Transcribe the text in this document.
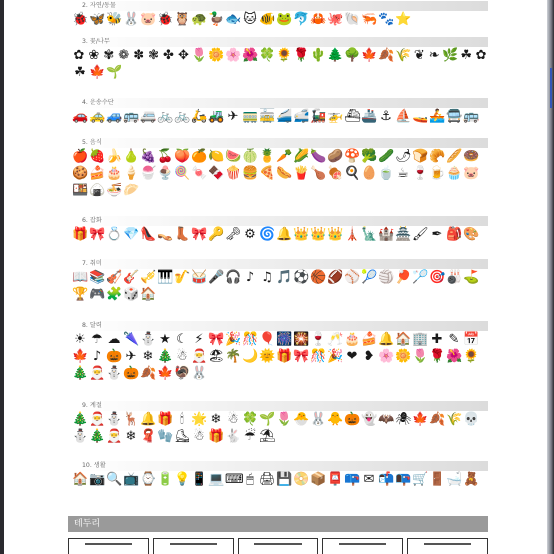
2. 자연/동물
🐞 🦋 🐝 🐰 🐷 🐞 🦉 🐢 🦆 🐟 🐱 🐠 🐸 🐬 🦀 🐙 🐚 🦐 🐾 ⭐
3. 꽃/나무
✿ ❀ ✾ ❁ ✽ ❃ ✤ ✥ 🌷 🌼 🌸 🌺 🍀 🌻 🌹 🌵 🌲 🌳 🍁 🍂 🌾 ❦ ❧ 🌿 ☘ ✿
☘ 🍁 🌱
4. 운송수단
🚗 🚕 🚙 🚌 🚐 🚲 🚲 🛵 🚜 ✈ 🚃 🚋 🚄 🚅 🚂 🚁 ⛴ 🚢 ⚓ ⛵ 🚤 🚣 🚍 🚌
5. 음식
🍎 🍓 🍌 🍐 🍇 🍒 🍑 🍊 🍋 🍉 🍈 🍍 🥕 🌽 🍆 🥔 🍄 🥦 🥒 🌶 🍞 🥐 🥖 🍩
🍪 🍰 🎂 🍦 🍧 🍨 🍭 🍬 🍫 🍿 🍔 🍕 🌭 🍟 🍗 🍖 🍳 🥚 🍵 ☕ 🍷 🍺 🧁 🐷
🍱 🍙 🍜 🥟
6. 잡화
🎁 🎀 💍 💎 👠 👡 👢 🎀 🔑 🗝 ⚙ 🌀 🔔 👑 👑 👑 🗼 🗽 🏰 🏯 🖌 ✒ 🎒 🎨
7. 취미
📖 📚 🎻 🎸 🎺 🎹 🎷 🥁 🎤 🎧 ♪ ♫ 🎵 ⚽ 🏀 🏈 ⚾ 🎾 🏐 🏓 🏸 🎯 🎳 ⛳
🏆 🎮 🧩 🎲 🏠
8. 달력
☀ ☂ ☁ 🌂 ⛄ ★ ☾ ⚡ 🎀 🎉 🎊 🎈 🎆 🎇 🍷 🥂 🎂 🍰 🔔 🏠 🏢 ✚ ✎ 📅
🍁 ♪ 🎃 ✈ ❄ 🎄 ☃ 🎅 🏖 🌴 🌙 🌞 🎁 🎀 🎊 🎉 ❤ ❥ 🌸 🌼 🌷 🌹 🌺 🌻
🎄 🎅 ⛄ 🎃 🍂 🍁 🦃 🐰
9. 계절
🎄 🎅 ⛄ 🦌 🔔 🎁 🕯 🌟 ❄ ☃ 🍀 🌱 🌷 🐣 🐰 🐥 🎃 👻 🦇 🕷 🍁 🍂 🌾 💀
⛄ 🎄 🎅 ❄ 🧣 🧤 ⛸ ☃ 🎁 🐇 ☔ ⛱
10. 생활
🏠 📷 🔍 📺 ⌚ 🔋 💡 📱 💻 ⌨ 🖱 🖨 💾 📀 📦 📮 📪 ✉ 📬 📭 🛒 🚪 🛁 🧸
테두리
